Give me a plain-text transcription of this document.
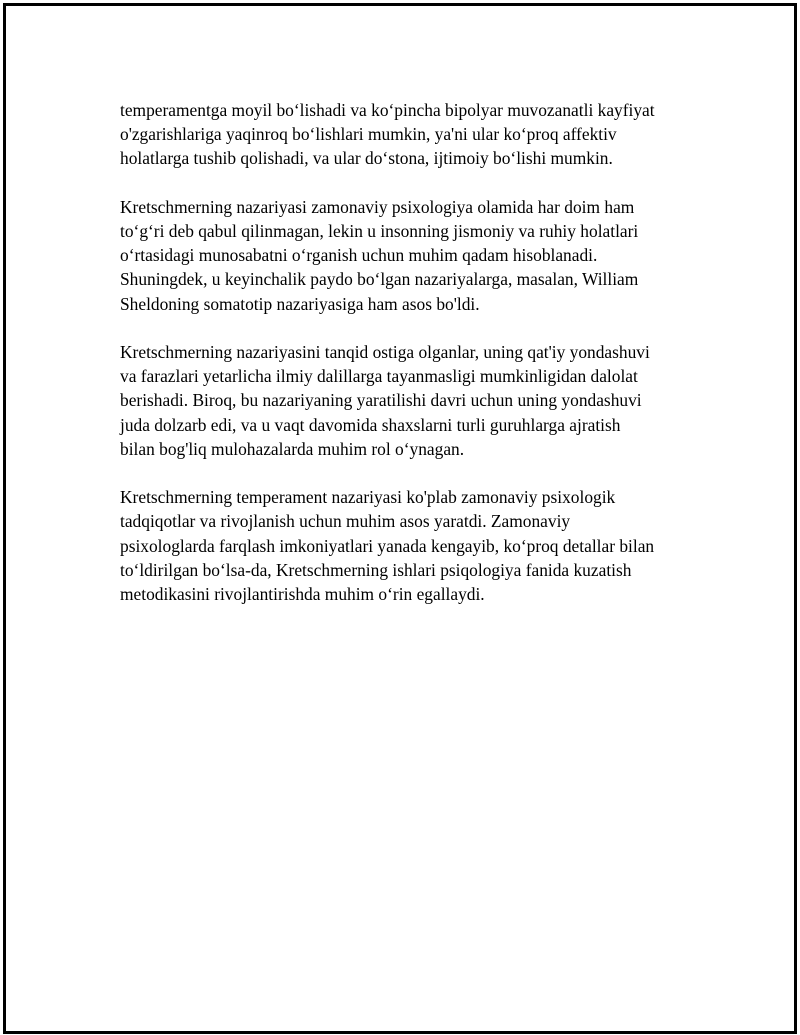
temperamentga moyil boʻlishadi va koʻpincha bipolyar muvozanatli kayfiyat
o'zgarishlariga yaqinroq boʻlishlari mumkin, ya'ni ular koʻproq affektiv
holatlarga tushib qolishadi, va ular doʻstona, ijtimoiy boʻlishi mumkin.

Kretschmerning nazariyasi zamonaviy psixologiya olamida har doim ham
toʻgʻri deb qabul qilinmagan, lekin u insonning jismoniy va ruhiy holatlari
oʻrtasidagi munosabatni oʻrganish uchun muhim qadam hisoblanadi.
Shuningdek, u keyinchalik paydo boʻlgan nazariyalarga, masalan, William
Sheldoning somatotip nazariyasiga ham asos bo'ldi.

Kretschmerning nazariyasini tanqid ostiga olganlar, uning qat'iy yondashuvi
va farazlari yetarlicha ilmiy dalillarga tayanmasligi mumkinligidan dalolat
berishadi. Biroq, bu nazariyaning yaratilishi davri uchun uning yondashuvi
juda dolzarb edi, va u vaqt davomida shaxslarni turli guruhlarga ajratish
bilan bog'liq mulohazalarda muhim rol oʻynagan.

Kretschmerning temperament nazariyasi ko'plab zamonaviy psixologik
tadqiqotlar va rivojlanish uchun muhim asos yaratdi. Zamonaviy
psixologlarda farqlash imkoniyatlari yanada kengayib, koʻproq detallar bilan
toʻldirilgan boʻlsa-da, Kretschmerning ishlari psiqologiya fanida kuzatish
metodikasini rivojlantirishda muhim oʻrin egallaydi.
